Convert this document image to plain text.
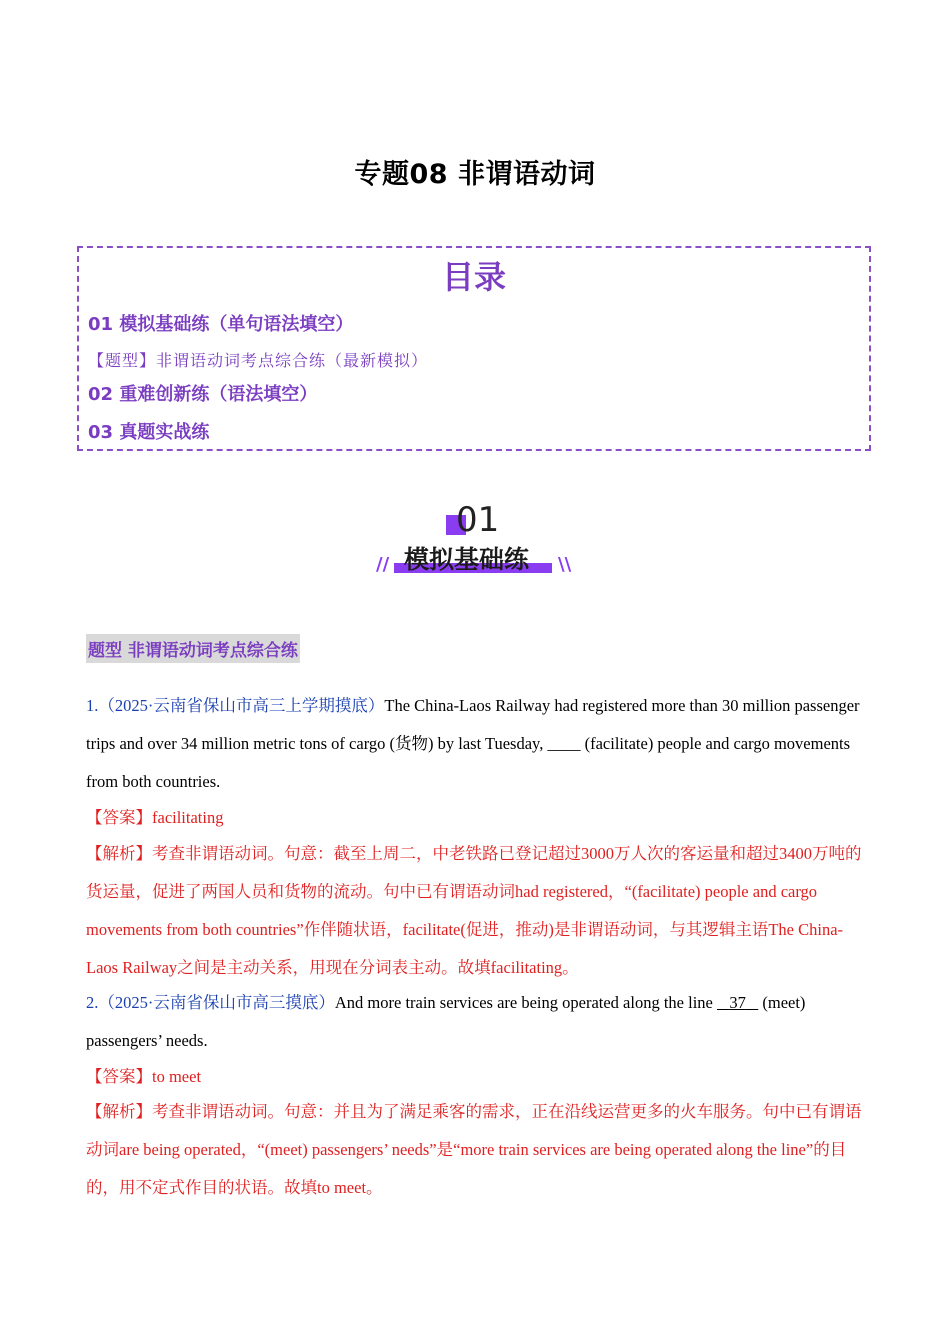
专题08 非谓语动词
目录
01 模拟基础练（单句语法填空）
【题型】非谓语动词考点综合练（最新模拟）
02 重难创新练（语法填空）
03 真题实战练
01
//	\\
模拟基础练
题型 非谓语动词考点综合练
1.（2025·云南省保山市高三上学期摸底）The China-Laos Railway had registered more than 30 million passenger trips and over 34 million metric tons of cargo (货物) by last Tuesday, ____ (facilitate) people and cargo movements from both countries.
【答案】facilitating
【解析】考查非谓语动词。句意：截至上周二，中老铁路已登记超过3000万人次的客运量和超过3400万吨的货运量，促进了两国人员和货物的流动。句中已有谓语动词had registered，“(facilitate) people and cargo movements from both countries”作伴随状语，facilitate(促进，推动)是非谓语动词，与其逻辑主语The China-Laos Railway之间是主动关系，用现在分词表主动。故填facilitating。
2.（2025·云南省保山市高三摸底）And more train services are being operated along the line    37    (meet) passengers’ needs.
【答案】to meet
【解析】考查非谓语动词。句意：并且为了满足乘客的需求，正在沿线运营更多的火车服务。句中已有谓语动词are being operated，“(meet) passengers’ needs”是“more train services are being operated along the line”的目的，用不定式作目的状语。故填to meet。
